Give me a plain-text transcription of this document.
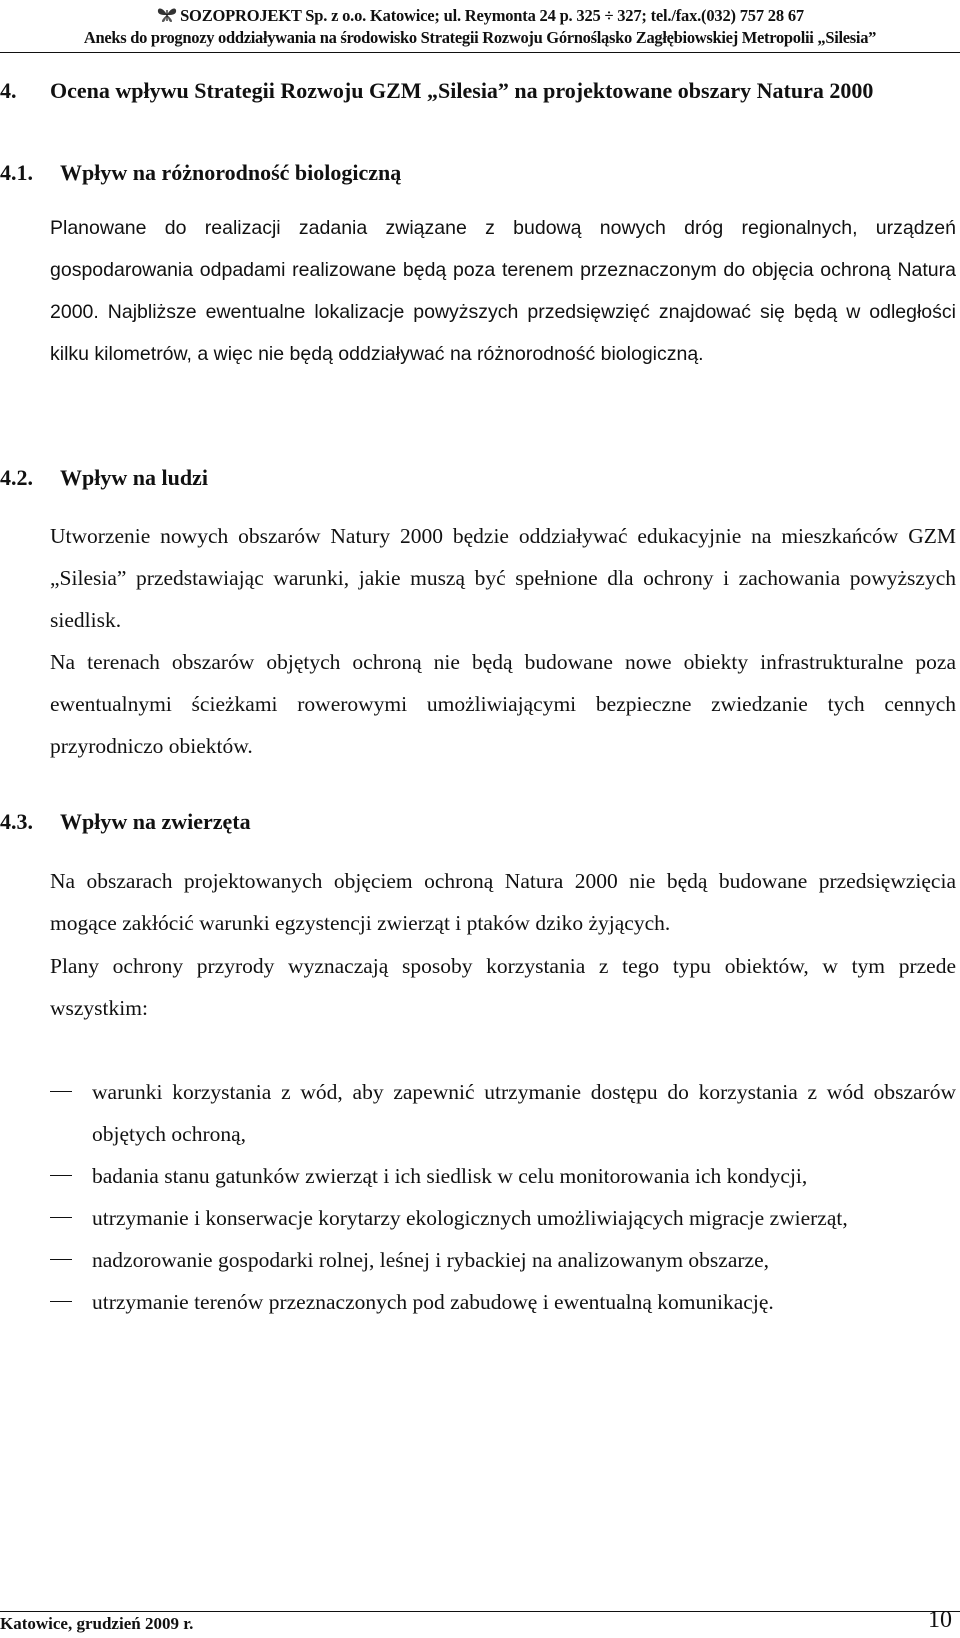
SOZOPROJEKT Sp. z o.o. Katowice; ul. Reymonta 24 p. 325 ÷ 327; tel./fax.(032) 757 28 67
Aneks do prognozy oddziaływania na środowisko Strategii Rozwoju Górnośląsko Zagłębiowskiej Metropolii „Silesia”
4. Ocena wpływu Strategii Rozwoju GZM „Silesia” na projektowane obszary Natura 2000
4.1. Wpływ na różnorodność biologiczną
Planowane do realizacji zadania związane z budową nowych dróg regionalnych, urządzeń gospodarowania odpadami realizowane będą poza terenem przeznaczonym do objęcia ochroną Natura 2000. Najbliższe ewentualne lokalizacje powyższych przedsięwzięć znajdować się będą w odległości kilku kilometrów, a więc nie będą oddziaływać na różnorodność biologiczną.
4.2. Wpływ na ludzi
Utworzenie nowych obszarów Natury 2000 będzie oddziaływać edukacyjnie na mieszkańców GZM „Silesia” przedstawiając warunki, jakie muszą być spełnione dla ochrony i zachowania powyższych siedlisk.
Na terenach obszarów objętych ochroną nie będą budowane nowe obiekty infrastrukturalne poza ewentualnymi ścieżkami rowerowymi umożliwiającymi bezpieczne zwiedzanie tych cennych przyrodniczo obiektów.
4.3. Wpływ na zwierzęta
Na obszarach projektowanych objęciem ochroną Natura 2000 nie będą budowane przedsięwzięcia mogące zakłócić warunki egzystencji zwierząt i ptaków dziko żyjących.
Plany ochrony przyrody wyznaczają sposoby korzystania z tego typu obiektów, w tym przede wszystkim:
warunki korzystania z wód, aby zapewnić utrzymanie dostępu do korzystania z wód obszarów objętych ochroną,
badania stanu gatunków zwierząt i ich siedlisk w celu monitorowania ich kondycji,
utrzymanie i konserwacje korytarzy ekologicznych umożliwiających migracje zwierząt,
nadzorowanie gospodarki rolnej, leśnej i rybackiej na analizowanym obszarze,
utrzymanie terenów przeznaczonych pod zabudowę i ewentualną komunikację.
Katowice, grudzień 2009 r.	10
